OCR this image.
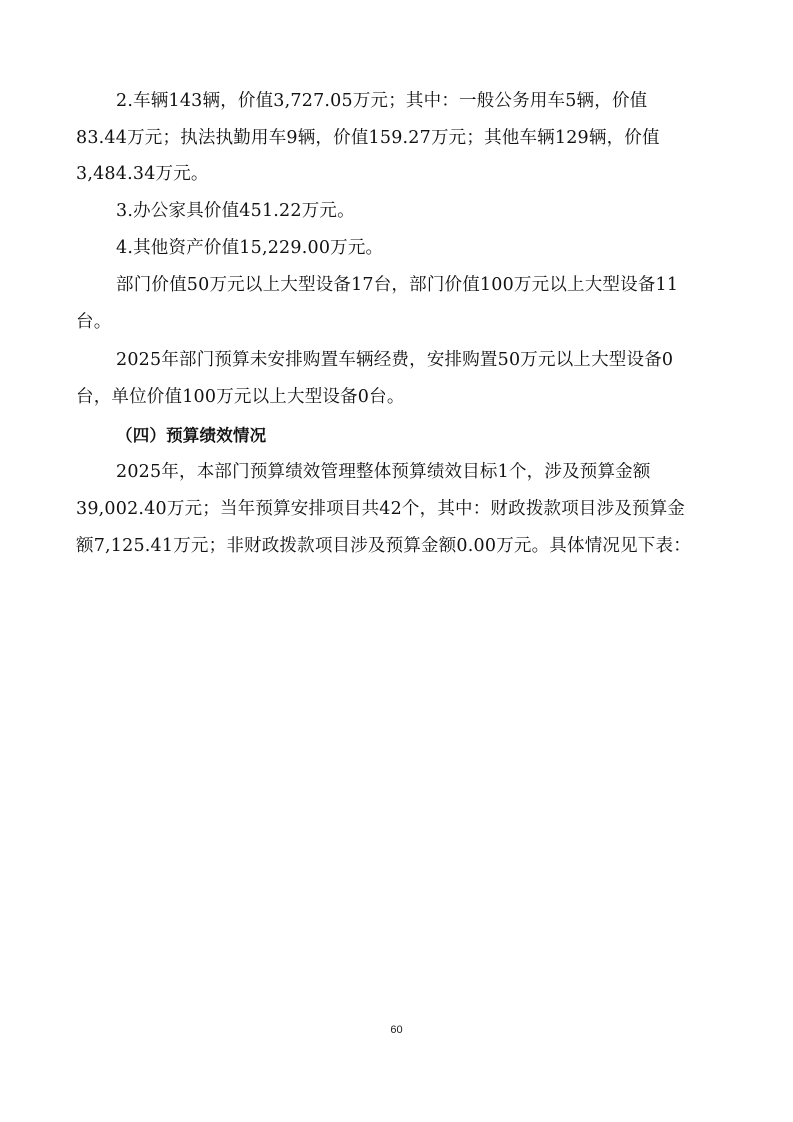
2.车辆143辆，价值3,727.05万元；其中：一般公务用车5辆，价值
83.44万元；执法执勤用车9辆，价值159.27万元；其他车辆129辆，价值
3,484.34万元。
3.办公家具价值451.22万元。
4.其他资产价值15,229.00万元。
部门价值50万元以上大型设备17台，部门价值100万元以上大型设备11
台。
2025年部门预算未安排购置车辆经费，安排购置50万元以上大型设备0
台，单位价值100万元以上大型设备0台。
（四）预算绩效情况
2025年，本部门预算绩效管理整体预算绩效目标1个，涉及预算金额
39,002.40万元；当年预算安排项目共42个，其中：财政拨款项目涉及预算金
额7,125.41万元；非财政拨款项目涉及预算金额0.00万元。具体情况见下表：
60
